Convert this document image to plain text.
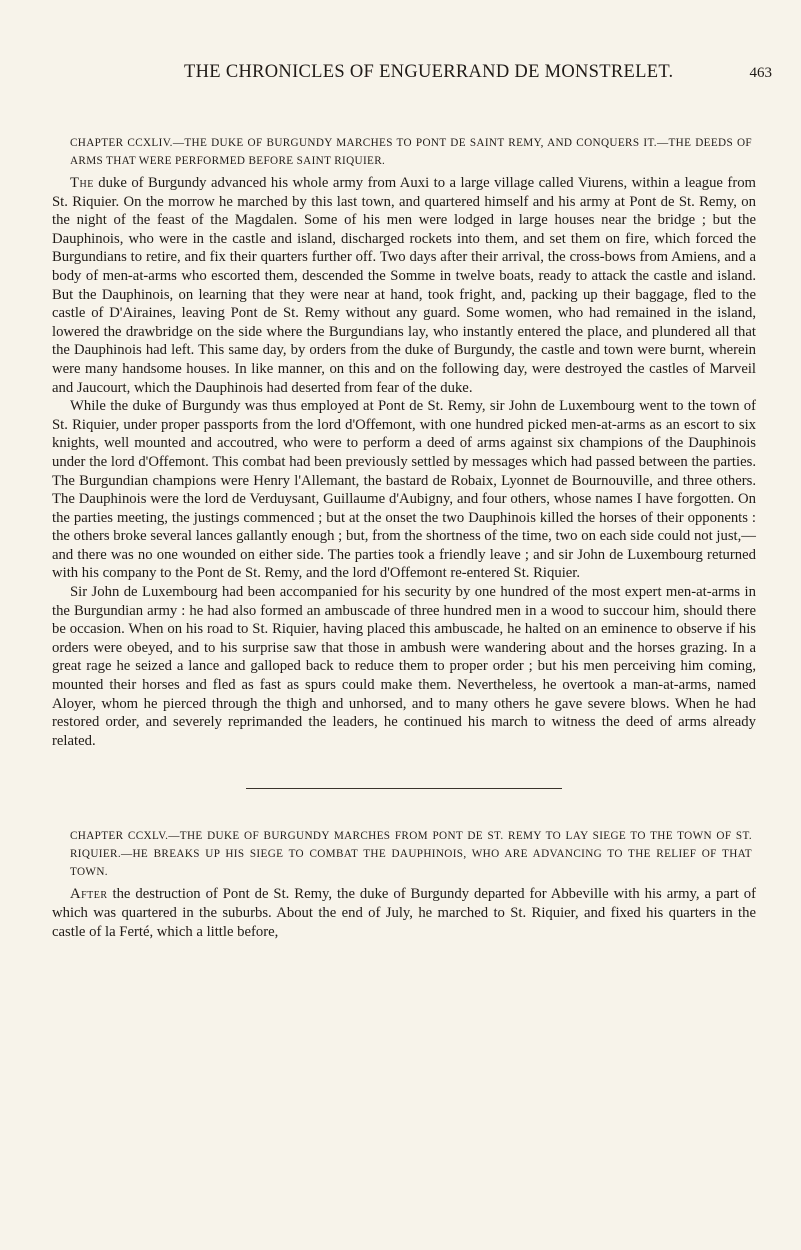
THE CHRONICLES OF ENGUERRAND DE MONSTRELET.	463
CHAPTER CCXLIV.—THE DUKE OF BURGUNDY MARCHES TO PONT DE SAINT REMY, AND CONQUERS IT.—THE DEEDS OF ARMS THAT WERE PERFORMED BEFORE SAINT RIQUIER.

The duke of Burgundy advanced his whole army from Auxi to a large village called Viurens, within a league from St. Riquier. On the morrow he marched by this last town, and quartered himself and his army at Pont de St. Remy, on the night of the feast of the Magdalen. Some of his men were lodged in large houses near the bridge ; but the Dauphinois, who were in the castle and island, discharged rockets into them, and set them on fire, which forced the Burgundians to retire, and fix their quarters further off. Two days after their arrival, the cross-bows from Amiens, and a body of men-at-arms who escorted them, descended the Somme in twelve boats, ready to attack the castle and island. But the Dauphinois, on learning that they were near at hand, took fright, and, packing up their baggage, fled to the castle of D'Airaines, leaving Pont de St. Remy without any guard. Some women, who had remained in the island, lowered the drawbridge on the side where the Burgundians lay, who instantly entered the place, and plundered all that the Dauphinois had left. This same day, by orders from the duke of Burgundy, the castle and town were burnt, wherein were many handsome houses. In like manner, on this and on the following day, were destroyed the castles of Marveil and Jaucourt, which the Dauphinois had deserted from fear of the duke.

While the duke of Burgundy was thus employed at Pont de St. Remy, sir John de Luxembourg went to the town of St. Riquier, under proper passports from the lord d'Offemont, with one hundred picked men-at-arms as an escort to six knights, well mounted and accoutred, who were to perform a deed of arms against six champions of the Dauphinois under the lord d'Offemont. This combat had been previously settled by messages which had passed between the parties. The Burgundian champions were Henry l'Allemant, the bastard de Robaix, Lyonnet de Bournouville, and three others. The Dauphinois were the lord de Verduysant, Guillaume d'Aubigny, and four others, whose names I have forgotten. On the parties meeting, the justings commenced ; but at the onset the two Dauphinois killed the horses of their opponents : the others broke several lances gallantly enough ; but, from the shortness of the time, two on each side could not just,—and there was no one wounded on either side. The parties took a friendly leave ; and sir John de Luxembourg returned with his company to the Pont de St. Remy, and the lord d'Offemont re-entered St. Riquier.

Sir John de Luxembourg had been accompanied for his security by one hundred of the most expert men-at-arms in the Burgundian army : he had also formed an ambuscade of three hundred men in a wood to succour him, should there be occasion. When on his road to St. Riquier, having placed this ambuscade, he halted on an eminence to observe if his orders were obeyed, and to his surprise saw that those in ambush were wandering about and the horses grazing. In a great rage he seized a lance and galloped back to reduce them to proper order ; but his men perceiving him coming, mounted their horses and fled as fast as spurs could make them. Nevertheless, he overtook a man-at-arms, named Aloyer, whom he pierced through the thigh and unhorsed, and to many others he gave severe blows. When he had restored order, and severely reprimanded the leaders, he continued his march to witness the deed of arms already related.

CHAPTER CCXLV.—THE DUKE OF BURGUNDY MARCHES FROM PONT DE ST. REMY TO LAY SIEGE TO THE TOWN OF ST. RIQUIER.—HE BREAKS UP HIS SIEGE TO COMBAT THE DAUPHINOIS, WHO ARE ADVANCING TO THE RELIEF OF THAT TOWN.

After the destruction of Pont de St. Remy, the duke of Burgundy departed for Abbeville with his army, a part of which was quartered in the suburbs. About the end of July, he marched to St. Riquier, and fixed his quarters in the castle of la Ferté, which a little before,
